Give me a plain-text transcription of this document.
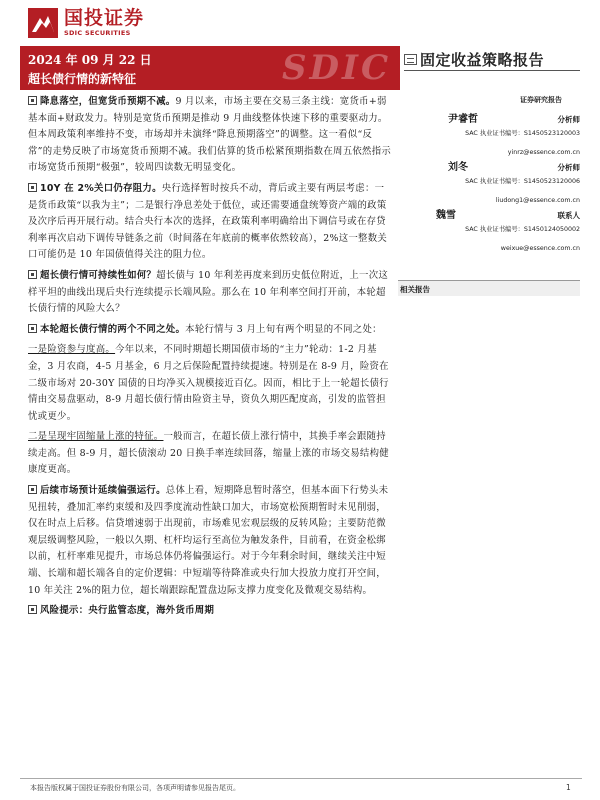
国投证券
SDIC SECURITIES
2024 年 09 月 22 日
超长债行情的新特征	SDIC 固定收益策略报告
证券研究报告
尹睿哲	分析师
SAC 执业证书编号：S1450523120003
yinrz@essence.com.cn
刘冬	分析师
SAC 执业证书编号：S1450523120006
liudong1@essence.com.cn
魏雪	联系人
SAC 执业证书编号：S1450124050002
weixue@essence.com.cn
相关报告

降息落空，但宽货币预期不减。9 月以来，市场主要在交易三条主线：宽货币+弱基本面+财政发力。特别是宽货币预期是推动 9 月曲线整体快速下移的重要驱动力。但本周政策利率维持不变，市场却并未演绎“降息预期落空”的调整。这一看似“反常”的走势反映了市场宽货币预期不减。我们估算的货币松紧预期指数在周五依然指示市场宽货币预期“极强”，较周四读数无明显变化。

10Y 在 2%关口仍存阻力。央行选择暂时按兵不动，背后或主要有两层考虑：一是货币政策“以我为主”；二是银行净息差处于低位，或还需要通盘统筹资产端的政策及次序后再开展行动。结合央行本次的选择，在政策利率明确给出下调信号或在存贷利率再次启动下调传导链条之前（时间落在年底前的概率依然较高），2%这一整数关口可能仍是 10 年国债值得关注的阻力位。

超长债行情可持续性如何？超长债与 10 年利差再度来到历史低位附近，上一次这样平坦的曲线出现后央行连续提示长端风险。那么在 10 年利率空间打开前，本轮超长债行情的风险大么？

本轮超长债行情的两个不同之处。本轮行情与 3 月上旬有两个明显的不同之处：

一是险资参与度高。今年以来，不同时期超长期国债市场的“主力”轮动：1-2 月基金，3 月农商，4-5 月基金，6 月之后保险配置持续提速。特别是在 8-9 月，险资在二级市场对 20-30Y 国债的日均净买入规模接近百亿。因而，相比于上一轮超长债行情由交易盘驱动，8-9 月超长债行情由险资主导，资负久期匹配度高，引发的监管担忧或更少。

二是呈现牢固缩量上涨的特征。一般而言，在超长债上涨行情中，其换手率会跟随持续走高。但 8-9 月，超长债滚动 20 日换手率连续回落，缩量上涨的市场交易结构健康度更高。

后续市场预计延续偏强运行。总体上看，短期降息暂时落空，但基本面下行势头未见扭转，叠加汇率约束缓和及四季度流动性缺口加大，市场宽松预期暂时未见削弱，仅在时点上后移。信贷增速弱于出现前，市场难见宏观层级的反转风险；主要防范微观层级调整风险，一般以久期、杠杆均运行至高位为触发条件，目前看，在资金松绑以前，杠杆率难见提升，市场总体仍将偏强运行。对于今年剩余时间，继续关注中短端、长端和超长端各自的定价逻辑：中短端等待降准或央行加大投放力度打开空间，10 年关注 2%的阻力位，超长端跟踪配置盘边际支撑力度变化及微观交易结构。

风险提示：央行监管态度，海外货币周期

本报告版权属于国投证券股份有限公司，各项声明请参见报告尾页。	1
